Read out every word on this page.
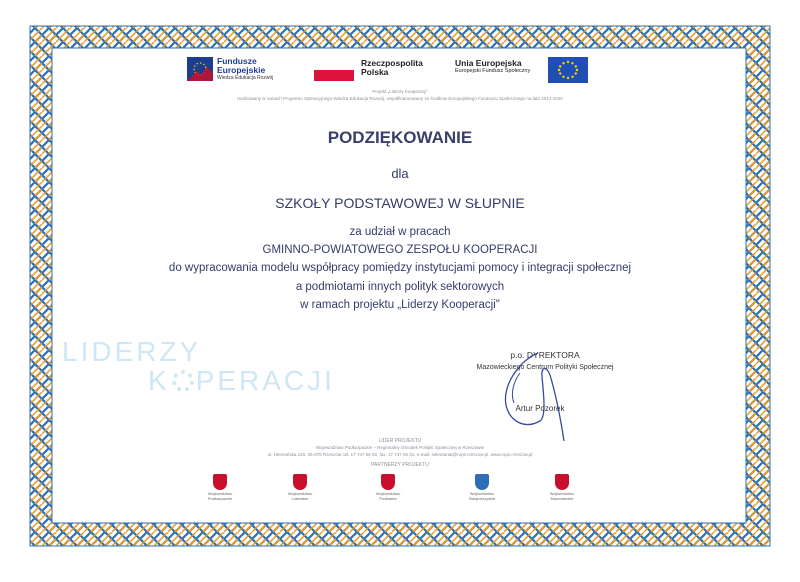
Fundusze
Europejskie
Wiedza Edukacja Rozwój
Rzeczpospolita
Polska
Unia Europejska
Europejski Fundusz Społeczny
Projekt „Liderzy Kooperacji"
realizowany w ramach Programu Operacyjnego Wiedza Edukacja Rozwój, współfinansowany ze środków Europejskiego Funduszu Społecznego na lata 2014-2020
LIDERZY
K PERACJI
PODZIĘKOWANIE
dla
SZKOŁY PODSTAWOWEJ W SŁUPNIE
za udział w pracach
GMINNO-POWIATOWEGO ZESPOŁU KOOPERACJI
do wypracowania modelu współpracy pomiędzy instytucjami pomocy i integracji społecznej
a podmiotami innych polityk sektorowych
w ramach projektu „Liderzy Kooperacji"
p.o. DYREKTORA
Mazowieckiego Centrum Polityki Społecznej
Artur Pozorek
LIDER PROJEKTU
Województwo Podkarpackie – Regionalny Ośrodek Polityki Społecznej w Rzeszowie
ul. Hetmańska 120, 35-078 Rzeszów, tel. 17 747 06 00, fax. 17 747 06 01, e-mail: sekretariat@rops.rzeszow.pl, www.rops.rzeszow.pl
PARTNERZY PROJEKTU
Województwo
Podkarpackie
Województwo
Lubelskie
Województwo
Podlaskie
Województwo
Świętokrzyskie
Województwo
Mazowieckie
